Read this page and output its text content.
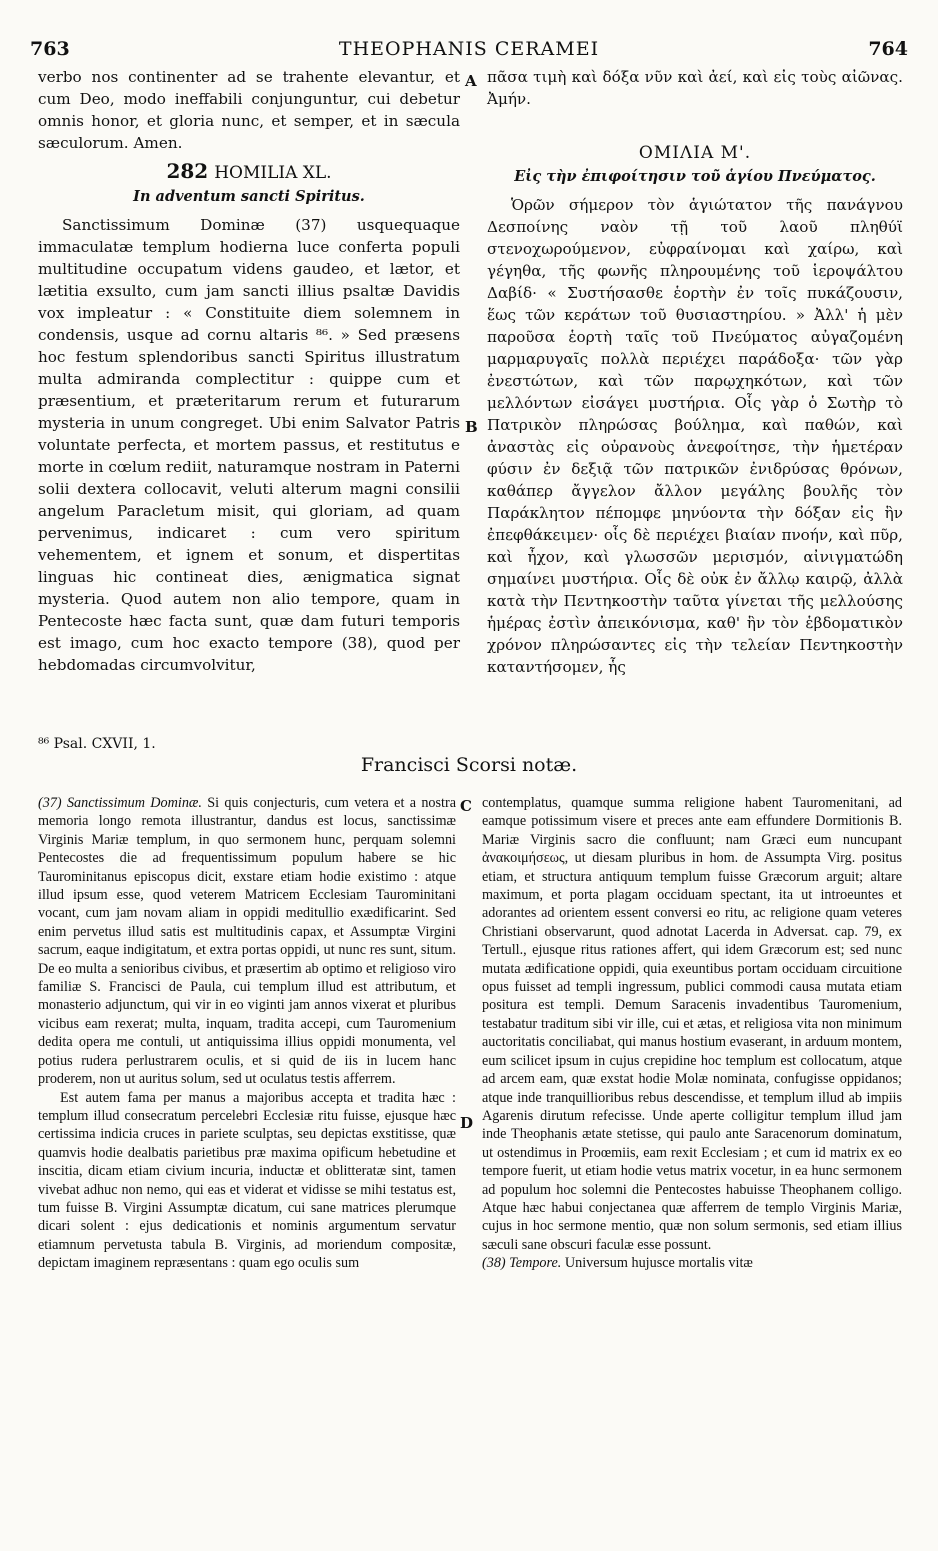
763	THEOPHANIS CERAMEI	764

verbo nos continenter ad se trahente elevantur, et cum Deo, modo ineffabili conjunguntur, cui debetur omnis honor, et gloria nunc, et semper, et in sæcula sæculorum. Amen.

282 HOMILIA XL.
In adventum sancti Spiritus.

Sanctissimum Dominæ (37) usquequaque immaculatæ templum hodierna luce conferta populi multitudine occupatum videns gaudeo, et lætor, et lætitia exsulto, cum jam sancti illius psaltæ Davidis vox impleatur : « Constituite diem solemnem in condensis, usque ad cornu altaris ⁸⁶. » Sed præsens hoc festum splendoribus sancti Spiritus illustratum multa admiranda complectitur : quippe cum et præsentium, et præteritarum rerum et futurarum mysteria in unum congreget. Ubi enim Salvator Patris voluntate perfecta, et mortem passus, et restitutus e morte in cœlum rediit, naturamque nostram in Paterni solii dextera collocavit, veluti alterum magni consilii angelum Paracletum misit, qui gloriam, ad quam pervenimus, indicaret : cum vero spiritum vehementem, et ignem et sonum, et dispertitas linguas hic contineat dies, ænigmatica signat mysteria. Quod autem non alio tempore, quam in Pentecoste hæc facta sunt, quæ dam futuri temporis est imago, cum hoc exacto tempore (38), quod per hebdomadas circumvolvitur,

A
B

πᾶσα τιμὴ καὶ δόξα νῦν καὶ ἀεί, καὶ εἰς τοὺς αἰῶνας. Ἀμήν.

ΟΜΙΛΙΑ Μ'.
Εἰς τὴν ἐπιφοίτησιν τοῦ ἁγίου Πνεύματος.

Ὁρῶν σήμερον τὸν ἁγιώτατον τῆς πανάγνου Δεσποίνης ναὸν τῇ τοῦ λαοῦ πληθύϊ στενοχωρούμενον, εὐφραίνομαι καὶ χαίρω, καὶ γέγηθα, τῆς φωνῆς πληρουμένης τοῦ ἱεροψάλτου Δαβίδ· « Συστήσασθε ἑορτὴν ἐν τοῖς πυκάζουσιν, ἕως τῶν κεράτων τοῦ θυσιαστηρίου. » Ἀλλ' ἡ μὲν παροῦσα ἑορτὴ ταῖς τοῦ Πνεύματος αὐγαζομένη μαρμαρυγαῖς πολλὰ περιέχει παράδοξα· τῶν γὰρ ἐνεστώτων, καὶ τῶν παρῳχηκότων, καὶ τῶν μελλόντων εἰσάγει μυστήρια. Οἷς γὰρ ὁ Σωτὴρ τὸ Πατρικὸν πληρώσας βούλημα, καὶ παθών, καὶ ἀναστὰς εἰς οὐρανοὺς ἀνεφοίτησε, τὴν ἡμετέραν φύσιν ἐν δεξιᾷ τῶν πατρικῶν ἐνιδρύσας θρόνων, καθάπερ ἄγγελον ἄλλον μεγάλης βουλῆς τὸν Παράκλητον πέπομφε μηνύοντα τὴν δόξαν εἰς ἣν ἐπεφθάκειμεν· οἷς δὲ περιέχει βιαίαν πνοήν, καὶ πῦρ, καὶ ἦχον, καὶ γλωσσῶν μερισμόν, αἰνιγματώδη σημαίνει μυστήρια. Οἷς δὲ οὐκ ἐν ἄλλῳ καιρῷ, ἀλλὰ κατὰ τὴν Πεντηκοστὴν ταῦτα γίνεται τῆς μελλούσης ἡμέρας ἐστὶν ἀπεικόνισμα, καθ' ἣν τὸν ἑβδοματικὸν χρόνον πληρώσαντες εἰς τὴν τελείαν Πεντηκοστὴν καταντήσομεν, ἧς

⁸⁶ Psal. CXVII, 1.
Francisci Scorsi notæ.
C
D

(37) Sanctissimum Dominæ. Si quis conjecturis, cum vetera et a nostra memoria longo remota illustrantur, dandus est locus, sanctissimæ Virginis Mariæ templum, in quo sermonem hunc, perquam solemni Pentecostes die ad frequentissimum populum habere se hic Taurominitanus episcopus dicit, exstare etiam hodie existimo : atque illud ipsum esse, quod veterem Matricem Ecclesiam Taurominitani vocant, cum jam novam aliam in oppidi meditullio exædificarint. Sed enim pervetus illud satis est multitudinis capax, et Assumptæ Virgini sacrum, eaque indigitatum, et extra portas oppidi, ut nunc res sunt, situm. De eo multa a senioribus civibus, et præsertim ab optimo et religioso viro familiæ S. Francisci de Paula, cui templum illud est attributum, et monasterio adjunctum, qui vir in eo viginti jam annos vixerat et pluribus vicibus eam rexerat; multa, inquam, tradita accepi, cum Tauromenium dedita opera me contuli, ut antiquissima illius oppidi monumenta, vel potius rudera perlustrarem oculis, et si quid de iis in lucem hanc proderem, non ut auritus solum, sed ut oculatus testis afferrem.

Est autem fama per manus a majoribus accepta et tradita hæc : templum illud consecratum percelebri Ecclesiæ ritu fuisse, ejusque hæc certissima indicia cruces in pariete sculptas, seu depictas exstitisse, quæ quamvis hodie dealbatis parietibus præ maxima opificum hebetudine et inscitia, dicam etiam civium incuria, inductæ et oblitteratæ sint, tamen vivebat adhuc non nemo, qui eas et viderat et vidisse se mihi testatus est, tum fuisse B. Virgini Assumptæ dicatum, cui sane matrices plerumque dicari solent : ejus dedicationis et nominis argumentum servatur etiamnum pervetusta tabula B. Virginis, ad moriendum compositæ, depictam imaginem repræsentans : quam ego oculis sum

contemplatus, quamque summa religione habent Tauromenitani, ad eamque potissimum visere et preces ante eam effundere Dormitionis B. Mariæ Virginis sacro die confluunt; nam Græci eum nuncupant ἀνακοιμήσεως, ut diesam pluribus in hom. de Assumpta Virg. positus etiam, et structura antiquum templum fuisse Græcorum arguit; altare maximum, et porta plagam occiduam spectant, ita ut introeuntes et adorantes ad orientem essent conversi eo ritu, ac religione quam veteres Christiani observarunt, quod adnotat Lacerda in Adversat. cap. 79, ex Tertull., ejusque ritus rationes affert, qui idem Græcorum est; sed nunc mutata ædificatione oppidi, quia exeuntibus portam occiduam circuitione opus fuisset ad templi ingressum, publici commodi causa mutata etiam positura est templi. Demum Saracenis invadentibus Tauromenium, testabatur traditum sibi vir ille, cui et ætas, et religiosa vita non minimum auctoritatis conciliabat, qui manus hostium evaserant, in arduum montem, eum scilicet ipsum in cujus crepidine hoc templum est collocatum, atque ad arcem eam, quæ exstat hodie Molæ nominata, confugisse oppidanos; atque inde tranquillioribus rebus descendisse, et templum illud ab impiis Agarenis dirutum refecisse. Unde aperte colligitur templum illud jam inde Theophanis ætate stetisse, qui paulo ante Saracenorum dominatum, ut ostendimus in Proœmiis, eam rexit Ecclesiam ; et cum id matrix ex eo tempore fuerit, ut etiam hodie vetus matrix vocetur, in ea hunc sermonem ad populum hoc solemni die Pentecostes habuisse Theophanem colligo. Atque hæc habui conjectanea quæ afferrem de templo Virginis Mariæ, cujus in hoc sermone mentio, quæ non solum sermonis, sed etiam illius sæculi sane obscuri faculæ esse possunt.

(38) Tempore. Universum hujusce mortalis vitæ
